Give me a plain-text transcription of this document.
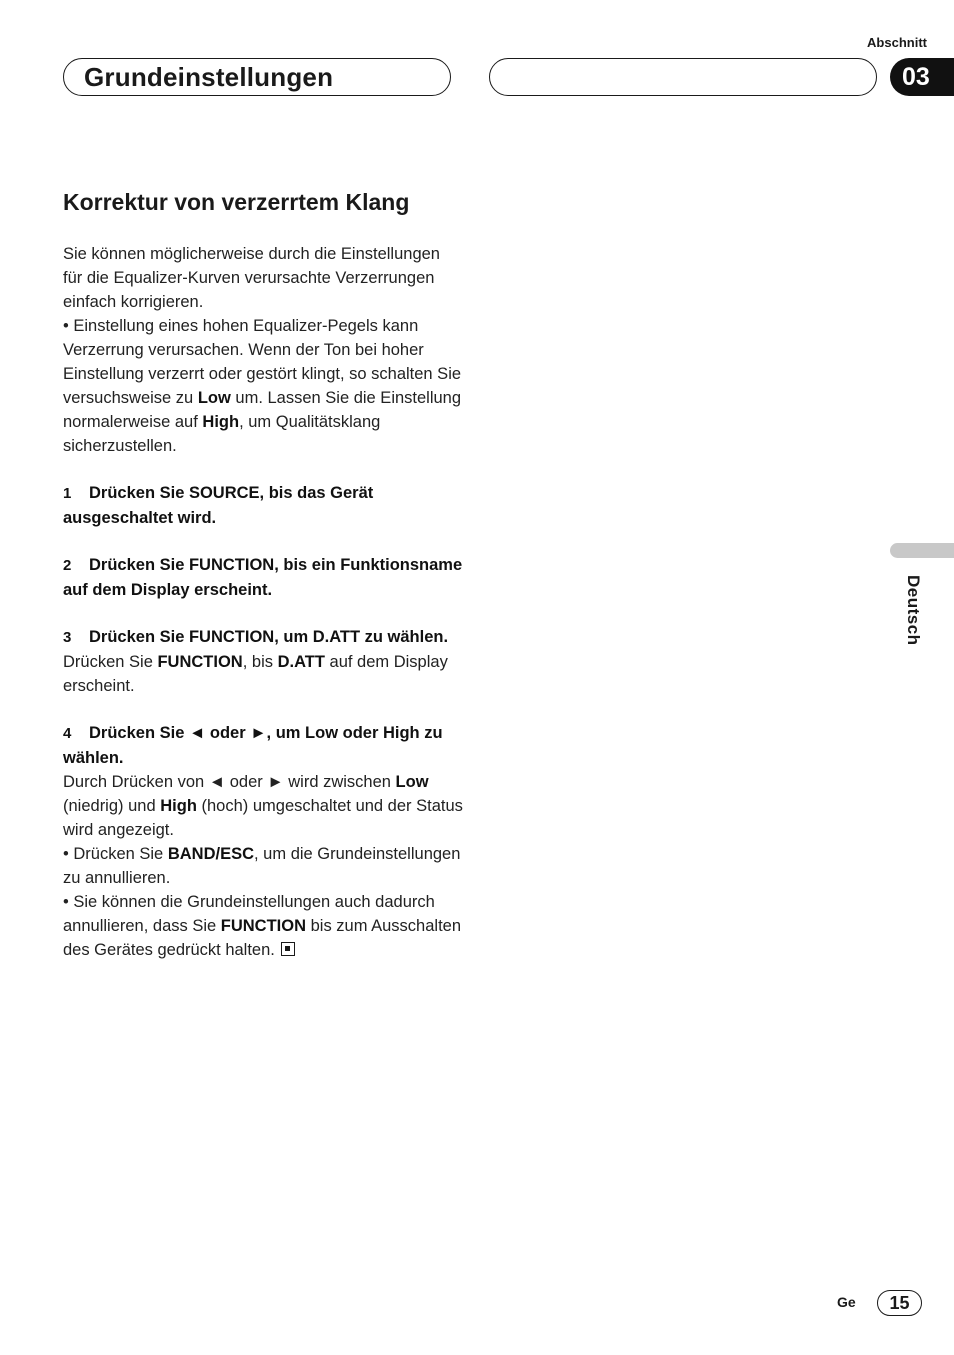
Abschnitt
Grundeinstellungen	03
Korrektur von verzerrtem Klang

Sie können möglicherweise durch die Einstellungen für die Equalizer-Kurven verursachte Verzerrungen einfach korrigieren.

• Einstellung eines hohen Equalizer-Pegels kann Verzerrung verursachen. Wenn der Ton bei hoher Einstellung verzerrt oder gestört klingt, so schalten Sie versuchsweise zu Low um. Lassen Sie die Einstellung normalerweise auf High, um Qualitätsklang sicherzustellen.

1 Drücken Sie SOURCE, bis das Gerät ausgeschaltet wird.
2 Drücken Sie FUNCTION, bis ein Funktionsname auf dem Display erscheint.
3 Drücken Sie FUNCTION, um D.ATT zu wählen.

Drücken Sie FUNCTION, bis D.ATT auf dem Display erscheint.

4 Drücken Sie ◄ oder ►, um Low oder High zu wählen.

Durch Drücken von ◄ oder ► wird zwischen Low (niedrig) und High (hoch) umgeschaltet und der Status wird angezeigt.

• Drücken Sie BAND/ESC, um die Grundeinstellungen zu annullieren.

• Sie können die Grundeinstellungen auch dadurch annullieren, dass Sie FUNCTION bis zum Ausschalten des Gerätes gedrückt halten.

Deutsch
Ge	15
